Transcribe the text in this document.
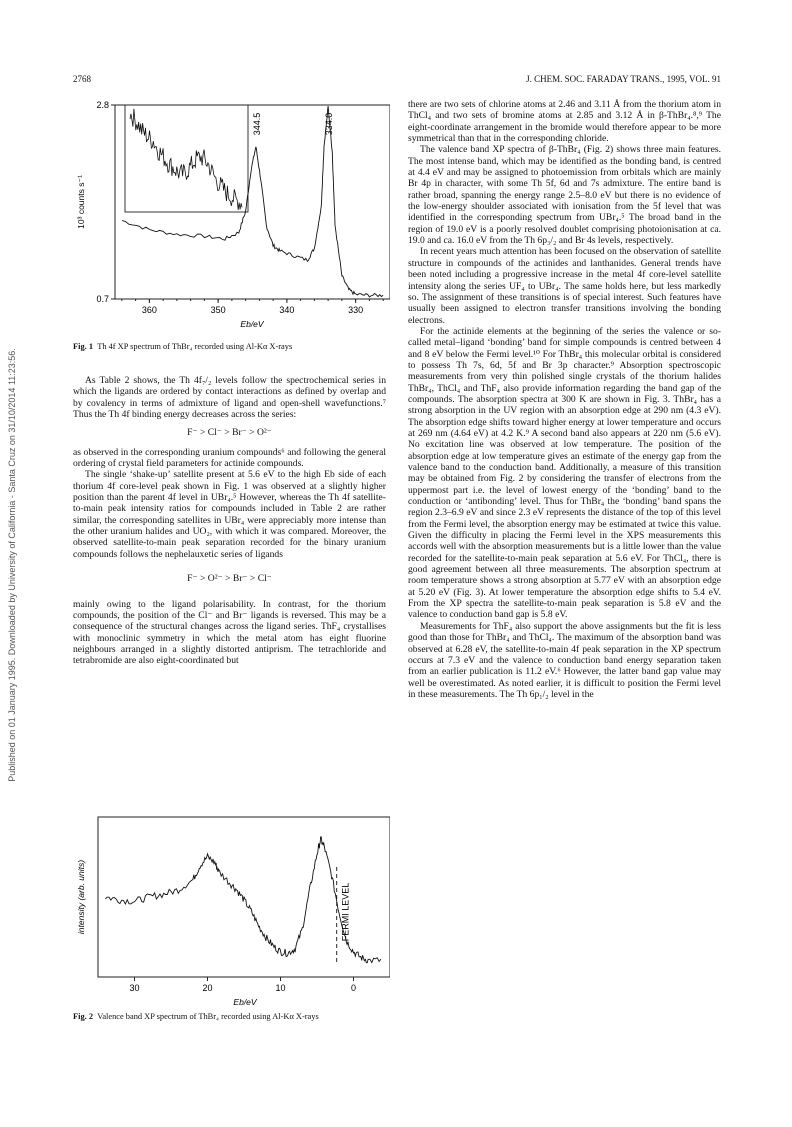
2768	J. CHEM. SOC. FARADAY TRANS., 1995, VOL. 91
Published on 01 January 1995. Downloaded by University of California - Santa Cruz on 31/10/2014 11:23:56.
0.7
2.8
360	350	340	330
344.5	334.0
10³ counts s⁻¹
Eb/eV
Fig. 1 Th 4f XP spectrum of ThBr₄ recorded using Al-Kα X-rays

As Table 2 shows, the Th 4f₇/₂ levels follow the spectrochemical series in which the ligands are ordered by contact interactions as defined by overlap and by covalency in terms of admixture of ligand and open-shell wavefunctions.⁷ Thus the Th 4f binding energy decreases across the series:

F⁻ > Cl⁻ > Br⁻ > O²⁻

as observed in the corresponding uranium compounds⁶ and following the general ordering of crystal field parameters for actinide compounds.

The single ‘shake-up’ satellite present at 5.6 eV to the high Eb side of each thorium 4f core-level peak shown in Fig. 1 was observed at a slightly higher position than the parent 4f level in UBr₄.⁵ However, whereas the Th 4f satellite-to-main peak intensity ratios for compounds included in Table 2 are rather similar, the corresponding satellites in UBr₄ were appreciably more intense than the other uranium halides and UO₂, with which it was compared. Moreover, the observed satellite-to-main peak separation recorded for the binary uranium compounds follows the nephelauxetic series of ligands

F⁻ > O²⁻ > Br⁻ > Cl⁻

mainly owing to the ligand polarisability. In contrast, for the thorium compounds, the position of the Cl⁻ and Br⁻ ligands is reversed. This may be a consequence of the structural changes across the ligand series. ThF₄ crystallises with monoclinic symmetry in which the metal atom has eight fluorine neighbours arranged in a slightly distorted antiprism. The tetrachloride and tetrabromide are also eight-coordinated but

30	20	10	0
FERMI LEVEL
intensity (arb. units)
Eb/eV
Fig. 2 Valence band XP spectrum of ThBr₄ recorded using Al-Kα X-rays

there are two sets of chlorine atoms at 2.46 and 3.11 Å from the thorium atom in ThCl₄ and two sets of bromine atoms at 2.85 and 3.12 Å in β-ThBr₄.⁸,⁹ The eight-coordinate arrangement in the bromide would therefore appear to be more symmetrical than that in the corresponding chloride.

The valence band XP spectra of β-ThBr₄ (Fig. 2) shows three main features. The most intense band, which may be identified as the bonding band, is centred at 4.4 eV and may be assigned to photoemission from orbitals which are mainly Br 4p in character, with some Th 5f, 6d and 7s admixture. The entire band is rather broad, spanning the energy range 2.5–8.0 eV but there is no evidence of the low-energy shoulder associated with ionisation from the 5f level that was identified in the corresponding spectrum from UBr₄.⁵ The broad band in the region of 19.0 eV is a poorly resolved doublet comprising photoionisation at ca. 19.0 and ca. 16.0 eV from the Th 6p₃/₂ and Br 4s levels, respectively.

In recent years much attention has been focused on the observation of satellite structure in compounds of the actinides and lanthanides. General trends have been noted including a progressive increase in the metal 4f core-level satellite intensity along the series UF₄ to UBr₄. The same holds here, but less markedly so. The assignment of these transitions is of special interest. Such features have usually been assigned to electron transfer transitions involving the bonding electrons.

For the actinide elements at the beginning of the series the valence or so-called metal–ligand ‘bonding’ band for simple compounds is centred between 4 and 8 eV below the Fermi level.¹⁰ For ThBr₄ this molecular orbital is considered to possess Th 7s, 6d, 5f and Br 3p character.⁹ Absorption spectroscopic measurements from very thin polished single crystals of the thorium halides ThBr₄, ThCl₄ and ThF₄ also provide information regarding the band gap of the compounds. The absorption spectra at 300 K are shown in Fig. 3. ThBr₄ has a strong absorption in the UV region with an absorption edge at 290 nm (4.3 eV). The absorption edge shifts toward higher energy at lower temperature and occurs at 269 nm (4.64 eV) at 4.2 K.⁹ A second band also appears at 220 nm (5.6 eV). No excitation line was observed at low temperature. The position of the absorption edge at low temperature gives an estimate of the energy gap from the valence band to the conduction band. Additionally, a measure of this transition may be obtained from Fig. 2 by considering the transfer of electrons from the uppermost part i.e. the level of lowest energy of the ‘bonding’ band to the conduction or ‘antibonding’ level. Thus for ThBr₄ the ‘bonding’ band spans the region 2.3–6.9 eV and since 2.3 eV represents the distance of the top of this level from the Fermi level, the absorption energy may be estimated at twice this value. Given the difficulty in placing the Fermi level in the XPS measurements this accords well with the absorption measurements but is a little lower than the value recorded for the satellite-to-main peak separation at 5.6 eV. For ThCl₄, there is good agreement between all three measurements. The absorption spectrum at room temperature shows a strong absorption at 5.77 eV with an absorption edge at 5.20 eV (Fig. 3). At lower temperature the absorption edge shifts to 5.4 eV. From the XP spectra the satellite-to-main peak separation is 5.8 eV and the valence to conduction band gap is 5.8 eV.

Measurements for ThF₄ also support the above assignments but the fit is less good than those for ThBr₄ and ThCl₄. The maximum of the absorption band was observed at 6.28 eV, the satellite-to-main 4f peak separation in the XP spectrum occurs at 7.3 eV and the valence to conduction band energy separation taken from an earlier publication is 11.2 eV.⁶ However, the latter band gap value may well be overestimated. As noted earlier, it is difficult to position the Fermi level in these measurements. The Th 6p₁/₂ level in the
